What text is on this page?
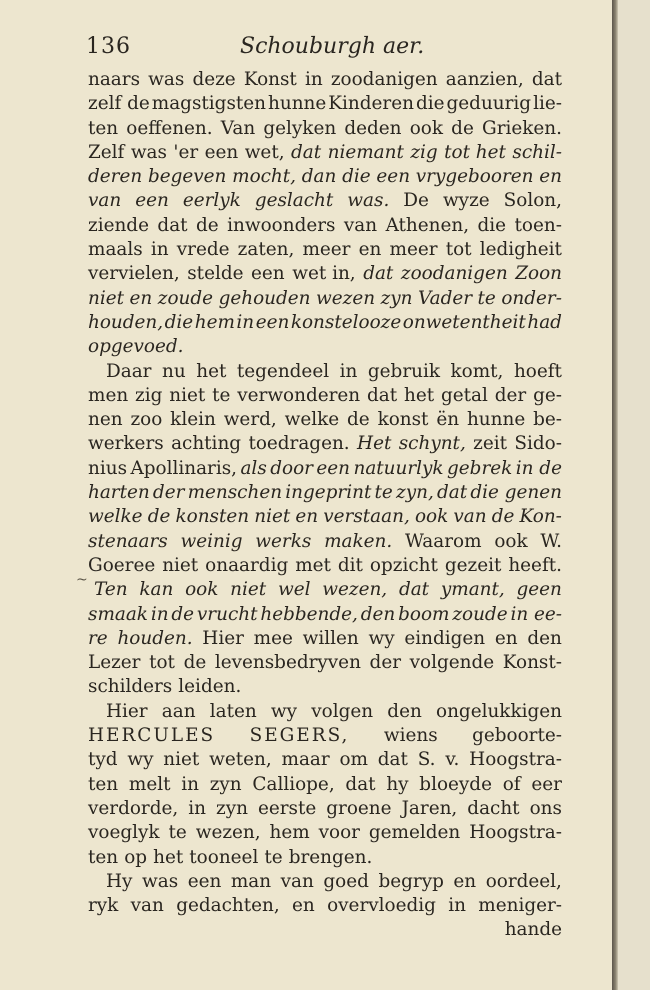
136	Schouburgh aer.
naars was deze Konst in zoodanigen aanzien, dat
zelf de magstigsten hunne Kinderen die geduurig lie-
ten oeffenen. Van gelyken deden ook de Grieken.
Zelf was 'er een wet, dat niemant zig tot het schil-
deren begeven mocht, dan die een vrygebooren en
van een eerlyk geslacht was. De wyze Solon,
ziende dat de inwoonders van Athenen, die toen-
maals in vrede zaten, meer en meer tot ledigheit
vervielen, stelde een wet in, dat zoodanigen Zoon
niet en zoude gehouden wezen zyn Vader te onder-
houden, die hem in een konstelooze onwetentheit had
opgevoed.
Daar nu het tegendeel in gebruik komt, hoeft
men zig niet te verwonderen dat het getal der ge-
nen zoo klein werd, welke de konst ën hunne be-
werkers achting toedragen. Het schynt, zeit Sido-
nius Apollinaris, als door een natuurlyk gebrek in de
harten der menschen ingeprint te zyn, dat die genen
welke de konsten niet en verstaan, ook van de Kon-
stenaars weinig werks maken. Waarom ook W.
Goeree niet onaardig met dit opzicht gezeit heeft.
Ten kan ook niet wel wezen, dat ymant, geen
smaak in de vrucht hebbende, den boom zoude in ee-
re houden. Hier mee willen wy eindigen en den
Lezer tot de levensbedryven der volgende Konst-
schilders leiden.
Hier aan laten wy volgen den ongelukkigen
HERCULES SEGERS, wiens geboorte-
tyd wy niet weten, maar om dat S. v. Hoogstra-
ten melt in zyn Calliope, dat hy bloeyde of eer
verdorde, in zyn eerste groene Jaren, dacht ons
voeglyk te wezen, hem voor gemelden Hoogstra-
ten op het tooneel te brengen.
Hy was een man van goed begryp en oordeel,
ryk van gedachten, en overvloedig in meniger-
hande
~
